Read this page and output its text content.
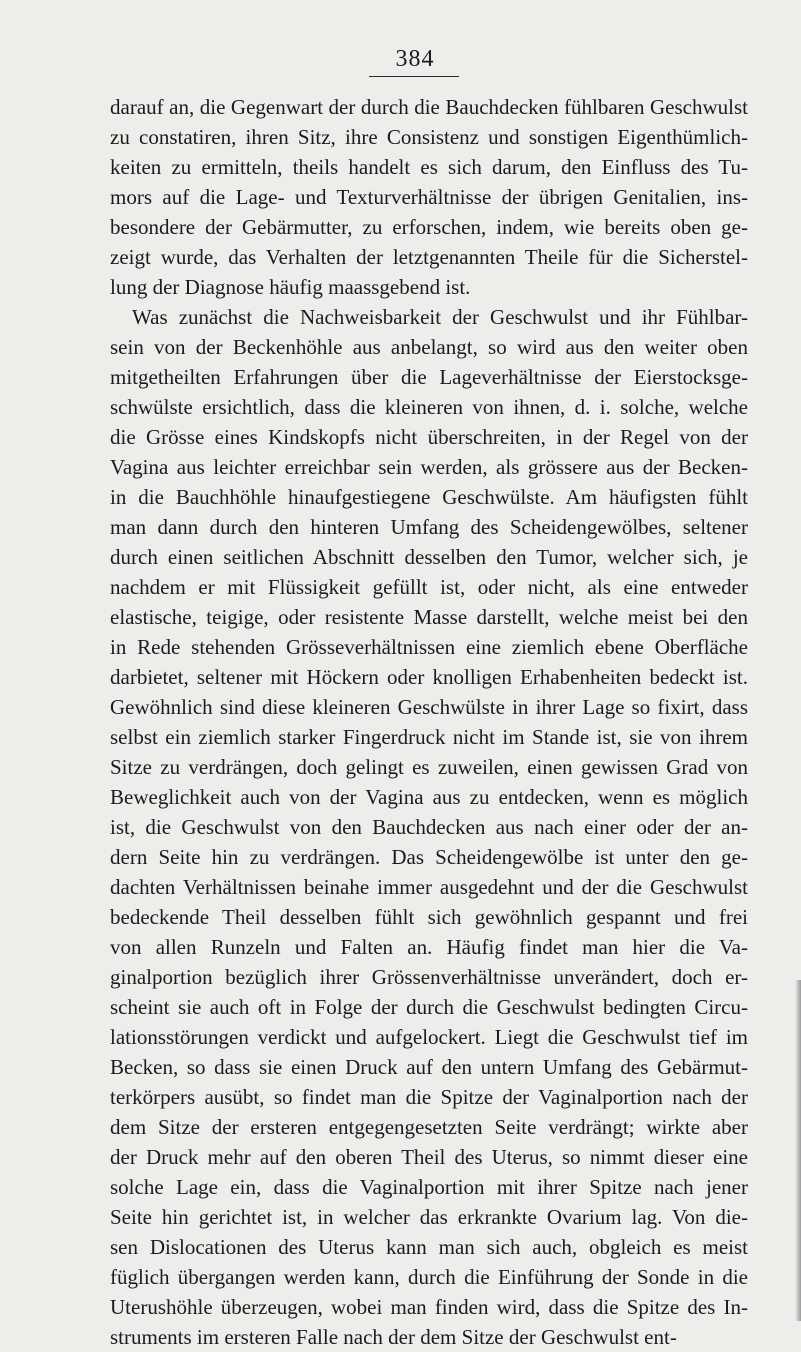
384
darauf an, die Gegenwart der durch die Bauchdecken fühlbaren Geschwulst
zu constatiren, ihren Sitz, ihre Consistenz und sonstigen Eigenthümlich-
keiten zu ermitteln, theils handelt es sich darum, den Einfluss des Tu-
mors auf die Lage- und Texturverhältnisse der übrigen Genitalien, ins-
besondere der Gebärmutter, zu erforschen, indem, wie bereits oben ge-
zeigt wurde, das Verhalten der letztgenannten Theile für die Sicherstel-
lung der Diagnose häufig maassgebend ist.
Was zunächst die Nachweisbarkeit der Geschwulst und ihr Fühlbar-
sein von der Beckenhöhle aus anbelangt, so wird aus den weiter oben
mitgetheilten Erfahrungen über die Lageverhältnisse der Eierstocksge-
schwülste ersichtlich, dass die kleineren von ihnen, d. i. solche, welche
die Grösse eines Kindskopfs nicht überschreiten, in der Regel von der
Vagina aus leichter erreichbar sein werden, als grössere aus der Becken-
in die Bauchhöhle hinaufgestiegene Geschwülste. Am häufigsten fühlt
man dann durch den hinteren Umfang des Scheidengewölbes, seltener
durch einen seitlichen Abschnitt desselben den Tumor, welcher sich, je
nachdem er mit Flüssigkeit gefüllt ist, oder nicht, als eine entweder
elastische, teigige, oder resistente Masse darstellt, welche meist bei den
in Rede stehenden Grösseverhältnissen eine ziemlich ebene Oberfläche
darbietet, seltener mit Höckern oder knolligen Erhabenheiten bedeckt ist.
Gewöhnlich sind diese kleineren Geschwülste in ihrer Lage so fixirt, dass
selbst ein ziemlich starker Fingerdruck nicht im Stande ist, sie von ihrem
Sitze zu verdrängen, doch gelingt es zuweilen, einen gewissen Grad von
Beweglichkeit auch von der Vagina aus zu entdecken, wenn es möglich
ist, die Geschwulst von den Bauchdecken aus nach einer oder der an-
dern Seite hin zu verdrängen. Das Scheidengewölbe ist unter den ge-
dachten Verhältnissen beinahe immer ausgedehnt und der die Geschwulst
bedeckende Theil desselben fühlt sich gewöhnlich gespannt und frei
von allen Runzeln und Falten an. Häufig findet man hier die Va-
ginalportion bezüglich ihrer Grössenverhältnisse unverändert, doch er-
scheint sie auch oft in Folge der durch die Geschwulst bedingten Circu-
lationsstörungen verdickt und aufgelockert. Liegt die Geschwulst tief im
Becken, so dass sie einen Druck auf den untern Umfang des Gebärmut-
terkörpers ausübt, so findet man die Spitze der Vaginalportion nach der
dem Sitze der ersteren entgegengesetzten Seite verdrängt; wirkte aber
der Druck mehr auf den oberen Theil des Uterus, so nimmt dieser eine
solche Lage ein, dass die Vaginalportion mit ihrer Spitze nach jener
Seite hin gerichtet ist, in welcher das erkrankte Ovarium lag. Von die-
sen Dislocationen des Uterus kann man sich auch, obgleich es meist
füglich übergangen werden kann, durch die Einführung der Sonde in die
Uterushöhle überzeugen, wobei man finden wird, dass die Spitze des In-
struments im ersteren Falle nach der dem Sitze der Geschwulst ent-
